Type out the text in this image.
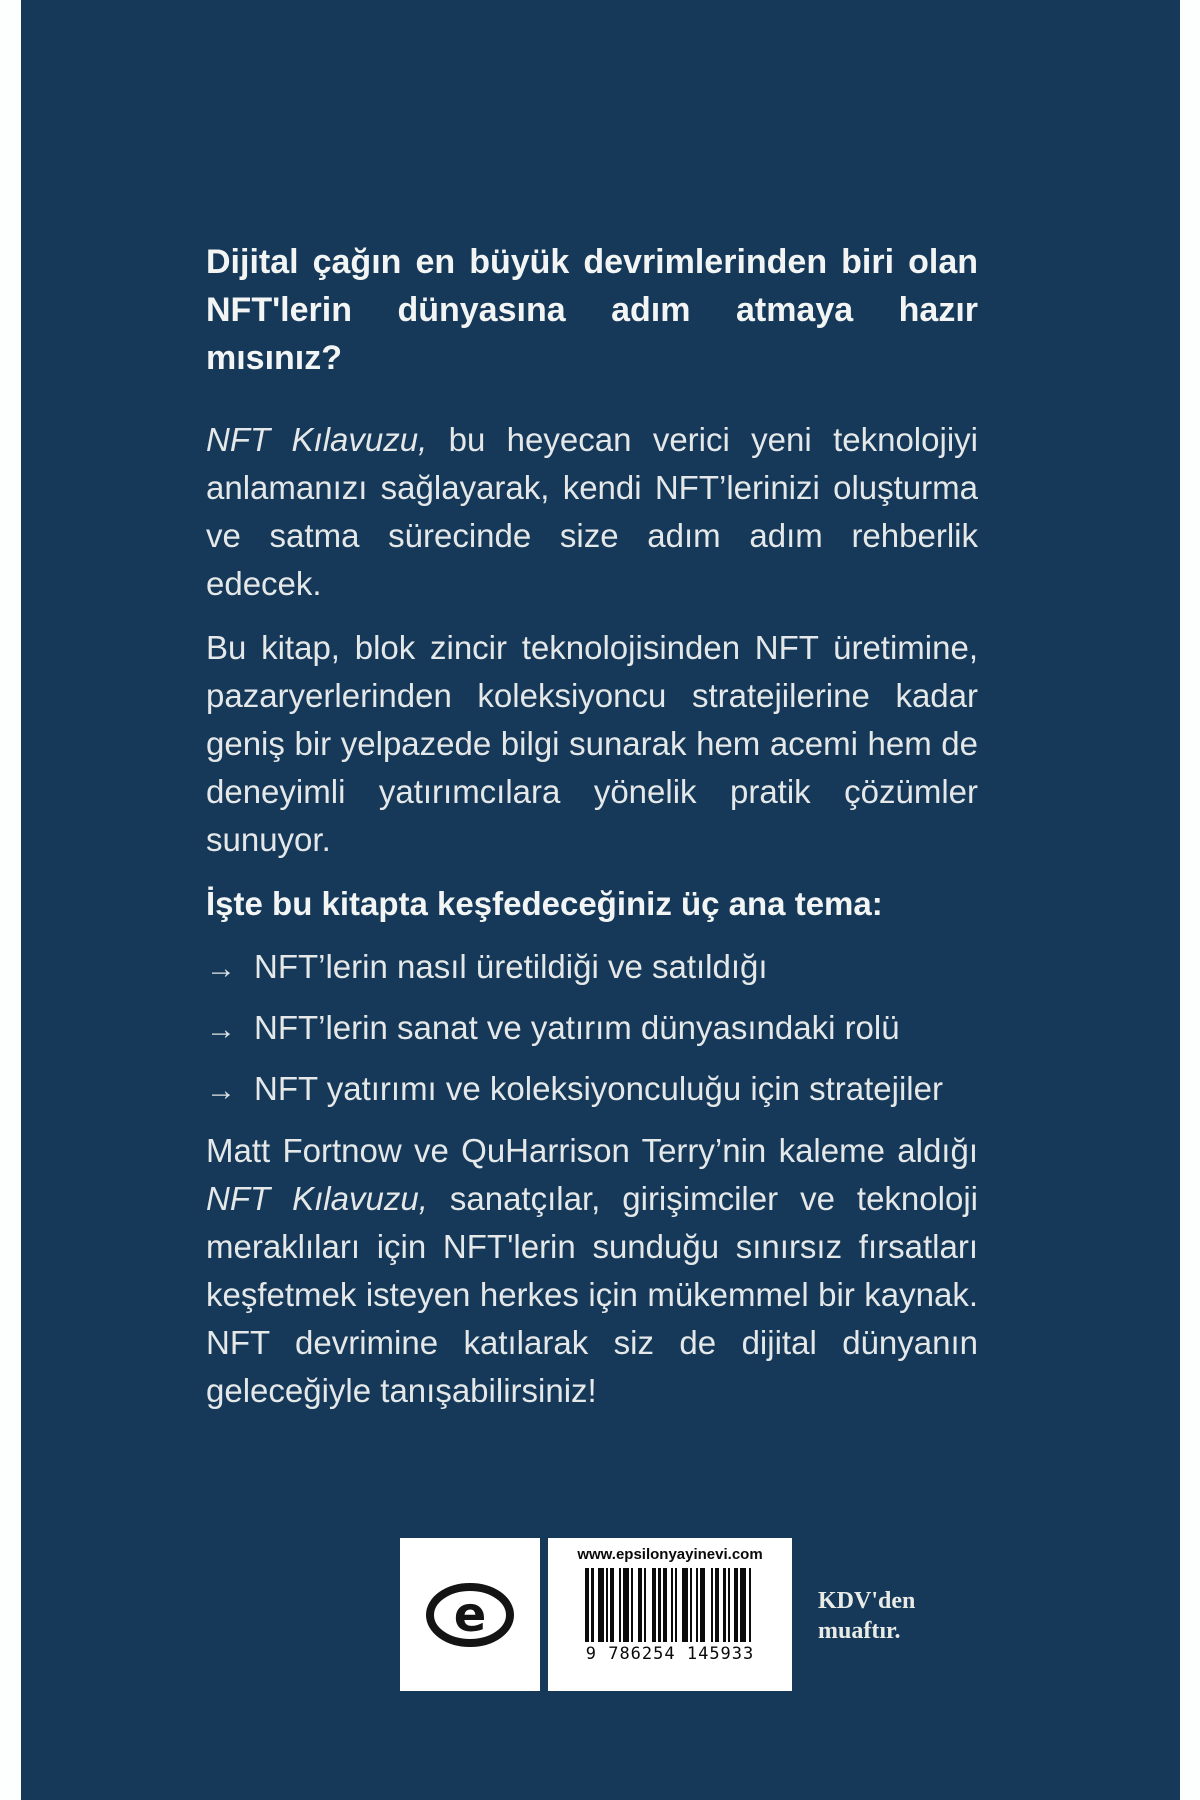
Dijital çağın en büyük devrimlerinden biri olan NFT'lerin dünyasına adım atmaya hazır mısınız?

NFT Kılavuzu, bu heyecan verici yeni teknolojiyi anlamanızı sağlayarak, kendi NFT’lerinizi oluşturma ve satma sürecinde size adım adım rehberlik edecek.

Bu kitap, blok zincir teknolojisinden NFT üretimine, pazaryerlerinden koleksiyoncu stratejilerine kadar geniş bir yelpazede bilgi sunarak hem acemi hem de deneyimli yatırımcılara yönelik pratik çözümler sunuyor.

İşte bu kitapta keşfedeceğiniz üç ana tema:
→ NFT’lerin nasıl üretildiği ve satıldığı
→ NFT’lerin sanat ve yatırım dünyasındaki rolü
→ NFT yatırımı ve koleksiyonculuğu için stratejiler

Matt Fortnow ve QuHarrison Terry’nin kaleme aldığı NFT Kılavuzu, sanatçılar, girişimciler ve teknoloji meraklıları için NFT'lerin sunduğu sınırsız fırsatları keşfetmek isteyen herkes için mükemmel bir kaynak. NFT devrimine katılarak siz de dijital dünyanın geleceğiyle tanışabilirsiniz!

e
www.epsilonyayinevi.com
9 786254 145933
KDV'den
muaftır.
